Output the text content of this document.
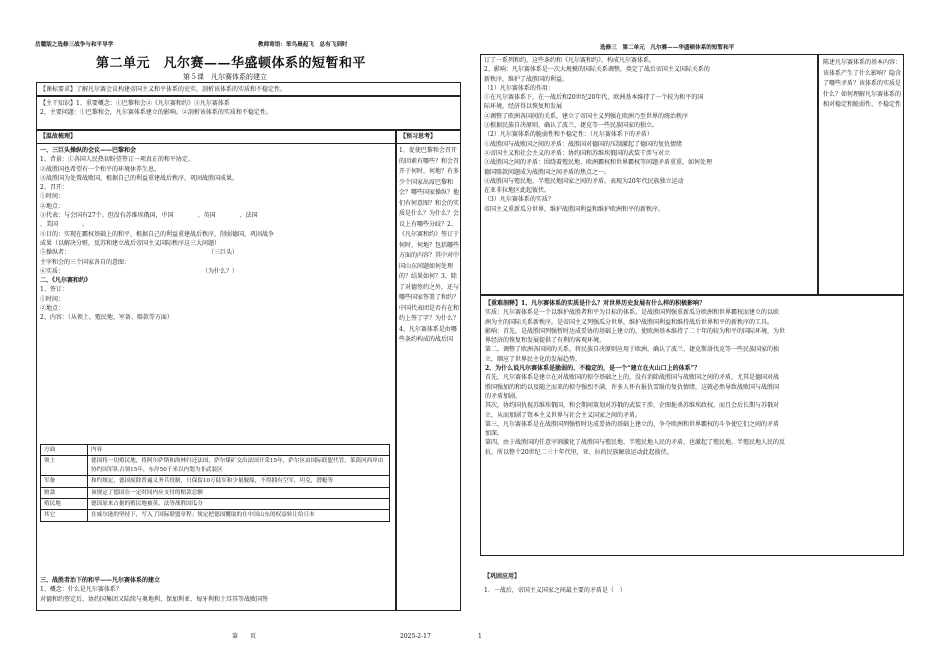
岳麓版之选修三战争与和平导学	教师寄语：笨鸟晨起飞　总有飞到时
第二单元　凡尔赛——华盛顿体系的短暂和平
第５课　凡尔赛体系的建立
【课标要求】了解凡尔赛会议构建帝国主义和平体系的史实，剖析该体系的实质和不稳定性。
【主干知识】1、重要概念：①巴黎和会②《凡尔赛和约》③凡尔赛体系
2、主要问题：①巴黎和会，凡尔赛体系建立的影响。②剖析该体系的实质和不稳定性。
【温故梳理】	【预习思考】
一、三巨头操纵的会议——巴黎和会
1、背景：①各国人民热切盼望签订一项真正的和平协定。
②战胜国也希望有一个和平的环境休养生息。
③战胜国为处置战败国，根据自己的利益重建战后秩序，巩固战胜国成果。
2、召开：
①时间：
②地点：
③代表：与会国有27个。但没有苏维埃俄国，中国　　　　、英国　　　　、法国　　　　
、美国　　　　。
④目的：实现在霸权基础上的和平，根据自己的利益重建战后秩序，削弱德国，巩固战争
成果（以解决分赃，反苏和建立战后帝国主义国际秩序这三大问题）
⑤操纵者：　　　　　　　　　　　　　　　　　　　　　　　　（三巨头）
主宰和会的三个国家各自的意图：
⑥实质：　　　　　　　　　　　　　　　　　　　　　　　　（为什么？）
二、《凡尔赛和约》
1、签订：
①时间：
②地点：
2、内容：（从领土、殖民地、军备、赔款等方面）
方面	内容
领土	德国将一切殖民地，将阿尔萨斯和洛林归还法国，萨尔煤矿交出法国开采15年，萨尔区由国际联盟代管，莱茵河西岸由协约国军队占领15年，东岸50千米以内划为非武装区
军备	和约规定，德国废除普遍义务兵役制，只保留10万陆军和少量舰船，不得拥有空军，坦克，潜艇等
赔款	该规定了德国在一定时间内应支付的赔款总额
殖民地	德国原来占据的殖民地被英、法等战胜国瓜分
其它	在威尔逊的坚持下，写入了国际联盟章程；规定把德国攫取的在中国山东的权益转让给日本
三、战胜者治下的和平——凡尔赛体系的建立
1、概念：什么是凡尔赛体系？
对德和约签定后，协约国集团又陆续与奥地利、保加利亚、匈牙利和土耳其等战败国签
1、促使巴黎和会召开的因素有哪些？和会召开于何时，何地？有多少个国家出席巴黎和会？哪些国家操纵？他们有何意图？和会的实质是什么？为什么？会议上有哪些分歧？2、《凡尔赛和约》签订于何时、何地？包括哪些方面的内容？其中对中国山东问题如何处理的？结果如何？3、除了对德签约之外，还与哪些国家签署了和约？中国代表团是否有在和约上签了字？为什么？4、凡尔赛体系是由哪些条约构成的战后国
选修三　第二单元　凡尔赛——华盛顿体系的短暂和平
订了一系列和约。这些条约和《凡尔赛和约》，构成凡尔赛体系。
2、影响：凡尔赛体系是一次大规模的国际关系调整，奠定了战后帝国主义国际关系的
新秩序，维护了战胜国的利益。
（1）凡尔赛体系的作用：
①在凡尔赛体系下，在一战后和20世纪20年代，欧洲基本维持了一个较为和平的国
际环境，经济得以恢复和发展
②调整了欧洲各国间的关系，建立了帝国主义列强在欧洲乃至世界的统治秩序
③根据民族自决原则，确认了波兰、捷克等一些民族国家的独立。
（2）凡尔赛体系的脆弱性和不稳定性：（凡尔赛体系下的矛盾）
①战胜国与战败国之间的矛盾：战胜国对德国的压制激起了德国的复仇情绪
②帝国主义和社会主义的矛盾：协约国和苏维埃俄国的武装干涉与对立
③战胜国之间的矛盾：围绕着殖民地、欧洲霸权和世界霸权等问题矛盾重重，如何处理
德国赔款问题成为战胜国之间矛盾的焦点之一。
④战胜国与殖民地、半殖民地国家之间的矛盾。表现为20年代民族独立运动
在亚非拉地区此起彼伏。
（3）凡尔赛体系的实质？
帝国主义重新瓜分世界，维护战胜国利益和维护欧洲和平的新秩序。
陈述凡尔赛体系的基本内容：该体系产生了什么影响？隐含了哪些矛盾？该体系的实质是什么？如何理解凡尔赛体系的相对稳定和脆弱性、不稳定性
【重难剖释】1、凡尔赛体系的实质是什么？对世界历史发展有什么样的积极影响？
实质：凡尔赛体系是一个以维护战胜者和平为目标的体系。是战胜国列强重新瓜分欧洲和世界霸权而建立的以欧
洲为主的国际关系新秩序。是帝国主义列强瓜分世界，维护战胜国利益和维持战后世界和平的新秩序的工具。
影响：首先，是战胜国列强暂时达成妥协的基础上建立的，使欧洲基本维持了二十年的较为和平的国际环境，为世
界经济的恢复和发展提供了有利的客观环境。
第二，调整了欧洲各国间的关系，将民族自决原则应用于欧洲，确认了波兰、捷克斯洛伐克等一些民族国家的独
立，顺应了世界民主化的发展趋势。
2、为什么说凡尔赛体系是脆弱的、不稳定的，是一个“建立在火山口上的体系”？
首先，凡尔赛体系是建立在对战败国的掠夺基础之上的，没有消除战胜国与战败国之间的矛盾，尤其是德国对战
胜国强加的和约以及随之而来的掠夺强烈不满，许多人怀有报仇雪耻的复仇情绪，这就必然导致战败国与战胜国
的矛盾加剧。
其次，协约国仇视苏维埃俄国，和会期间策划对苏俄的武装干涉，企图扼杀苏维埃政权，而且会后长期与苏俄对
立，从而加剧了资本主义世界与社会主义国家之间的矛盾。
第三，凡尔赛体系是在战胜国列强暂时达成妥协的基础上建立的，争夺欧洲和世界霸权的斗争使它们之间的矛盾
加深。
第四，由于战胜国的任意宰割激化了战胜国与殖民地、半殖民地人民的矛盾，也激起了殖民地、半殖民地人民的反
抗，所以整个20世纪二三十年代里，亚、拉的民族解放运动此起彼伏。
【巩固应用】
1．一战后，帝国主义国家之间最主要的矛盾是（　）
第　　页	2025-2-17	1
